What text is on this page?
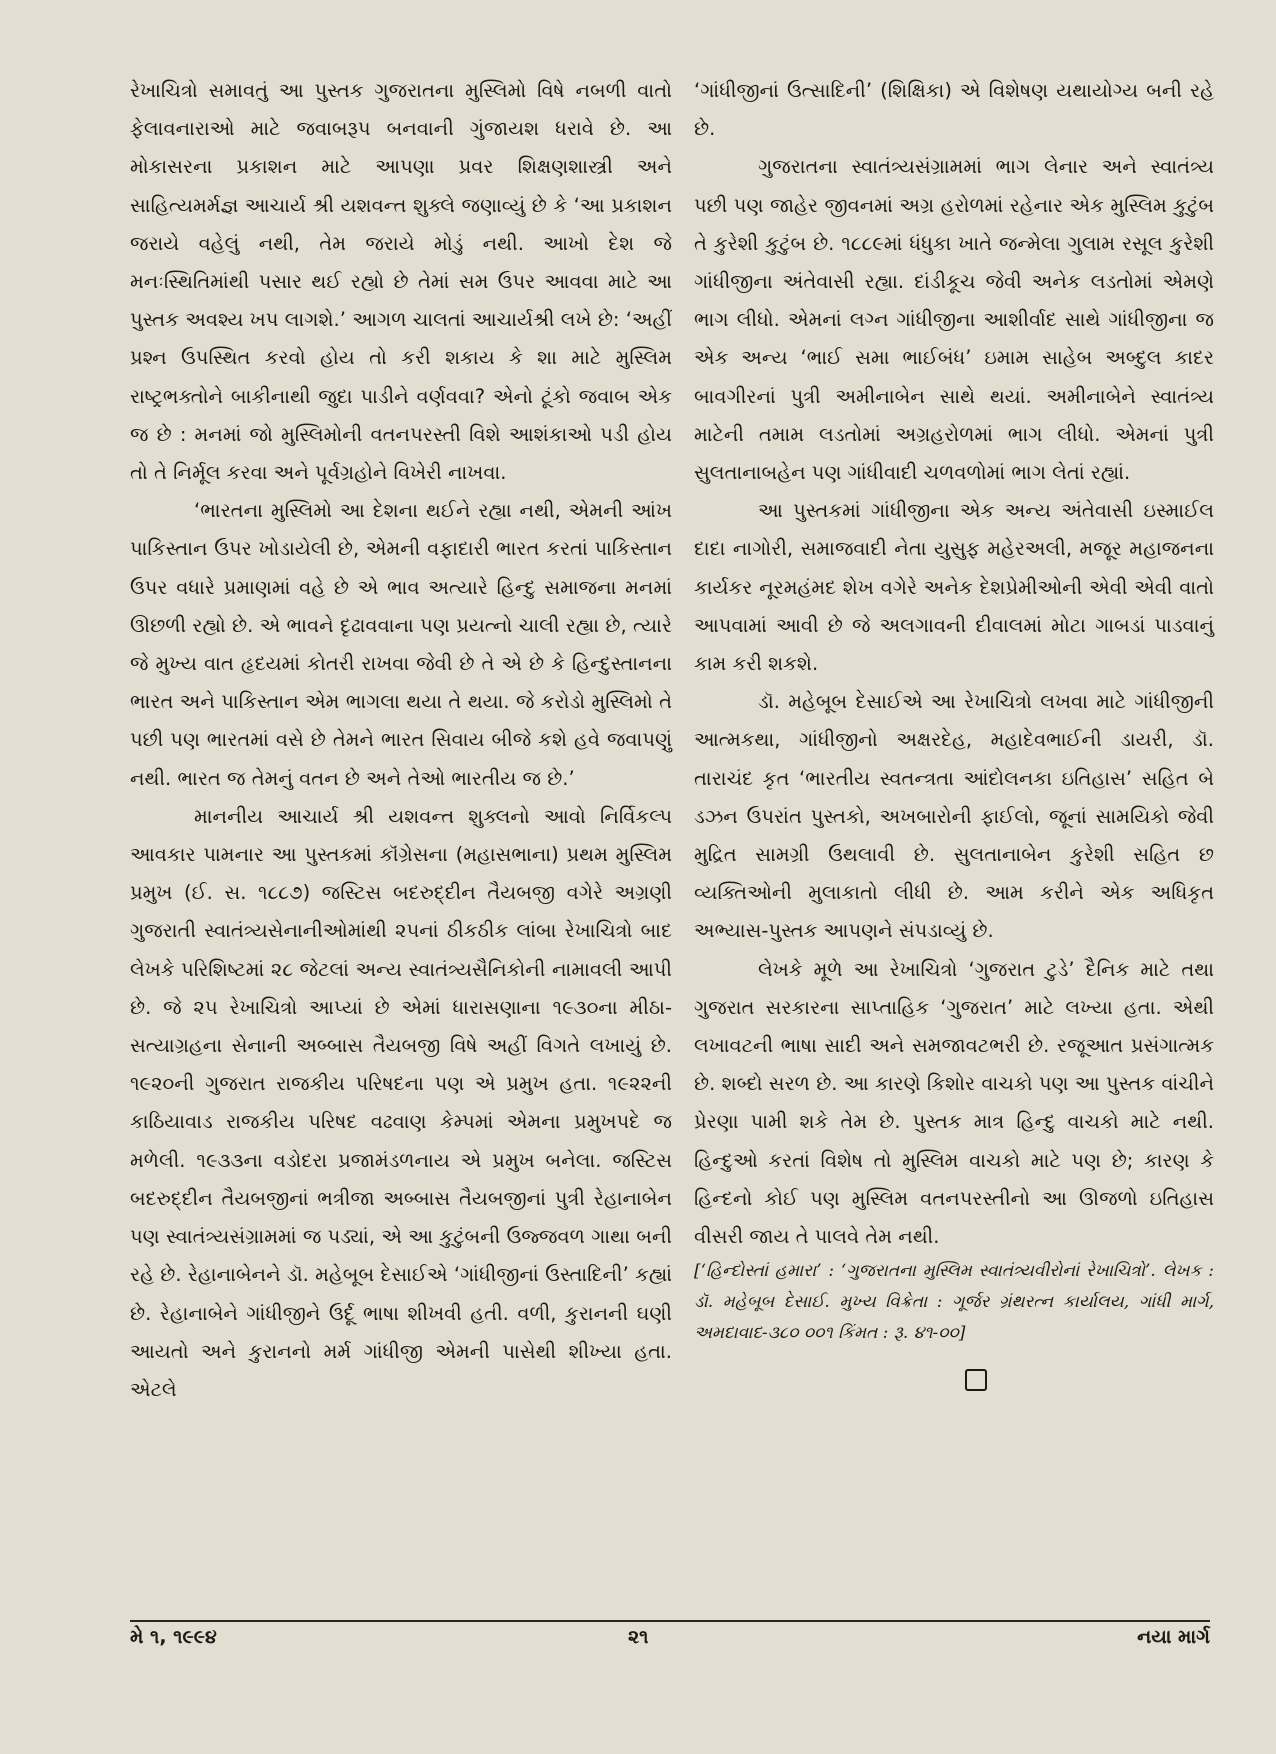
રેખાચિત્રો સમાવતું આ પુસ્તક ગુજરાતના મુસ્લિમો વિષે નબળી વાતો ફેલાવનારાઓ માટે જવાબરૂપ બનવાની ગુંજાયશ ધરાવે છે. આ મોકાસરના પ્રકાશન માટે આપણા પ્રવર શિક્ષણશાસ્ત્રી અને સાહિત્યમર્મજ્ઞ આચાર્ય શ્રી યશવન્ત શુક્લે જણાવ્યું છે કે ‘આ પ્રકાશન જરાયે વહેલું નથી, તેમ જરાયે મોડું નથી. આખો દેશ જે મનઃસ્થિતિમાંથી પસાર થઈ રહ્યો છે તેમાં સમ ઉપર આવવા માટે આ પુસ્તક અવશ્ય ખપ લાગશે.’ આગળ ચાલતાં આચાર્યશ્રી લખે છે: ‘અહીં પ્રશ્ન ઉપસ્થિત કરવો હોય તો કરી શકાય કે શા માટે મુસ્લિમ રાષ્ટ્રભક્તોને બાકીનાથી જુદા પાડીને વર્ણવવા? એનો ટૂંકો જવાબ એક જ છે : મનમાં જો મુસ્લિમોની વતનપરસ્તી વિશે આશંકાઓ પડી હોય તો તે નિર્મૂલ કરવા અને પૂર્વગ્રહોને વિખેરી નાખવા.

‘ભારતના મુસ્લિમો આ દેશના થઈને રહ્યા નથી, એમની આંખ પાકિસ્તાન ઉપર ખોડાયેલી છે, એમની વફાદારી ભારત કરતાં પાકિસ્તાન ઉપર વધારે પ્રમાણમાં વહે છે એ ભાવ અત્યારે હિન્દુ સમાજના મનમાં ઊછળી રહ્યો છે. એ ભાવને દૃઢાવવાના પણ પ્રયત્નો ચાલી રહ્યા છે, ત્યારે જે મુખ્ય વાત હૃદયમાં કોતરી રાખવા જેવી છે તે એ છે કે હિન્દુસ્તાનના ભારત અને પાકિસ્તાન એમ ભાગલા થયા તે થયા. જે કરોડો મુસ્લિમો તે પછી પણ ભારતમાં વસે છે તેમને ભારત સિવાય બીજે કશે હવે જવાપણું નથી. ભારત જ તેમનું વતન છે અને તેઓ ભારતીય જ છે.’

માનનીય આચાર્ય શ્રી યશવન્ત શુક્લનો આવો નિર્વિકલ્પ આવકાર પામનાર આ પુસ્તકમાં કૉંગ્રેસના (મહાસભાના) પ્રથમ મુસ્લિમ પ્રમુખ (ઈ. સ. ૧૮૮૭) જસ્ટિસ બદરુદ્દીન તૈયબજી વગેરે અગ્રણી ગુજરાતી સ્વાતંત્ર્યસેનાનીઓમાંથી ૨૫નાં ઠીકઠીક લાંબા રેખાચિત્રો બાદ લેખકે પરિશિષ્ટમાં ૨૮ જેટલાં અન્ય સ્વાતંત્ર્યસૈનિકોની નામાવલી આપી છે. જે ૨૫ રેખાચિત્રો આપ્યાં છે એમાં ધારાસણાના ૧૯૩૦ના મીઠા-સત્યાગ્રહના સેનાની અબ્બાસ તૈયબજી વિષે અહીં વિગતે લખાયું છે. ૧૯૨૦ની ગુજરાત રાજકીય પરિષદના પણ એ પ્રમુખ હતા. ૧૯૨૨ની કાઠિયાવાડ રાજકીય પરિષદ વઢવાણ કેમ્પમાં એમના પ્રમુખપદે જ મળેલી. ૧૯૩૩ના વડોદરા પ્રજામંડળનાય એ પ્રમુખ બનેલા. જસ્ટિસ બદરુદ્દીન તૈયબજીનાં ભત્રીજા અબ્બાસ તૈયબજીનાં પુત્રી રેહાનાબેન પણ સ્વાતંત્ર્યસંગ્રામમાં જ પડ્યાં, એ આ કુટુંબની ઉજ્જવળ ગાથા બની રહે છે. રેહાનાબેનને ડૉ. મહેબૂબ દેસાઈએ ‘ગાંધીજીનાં ઉસ્તાદિની’ કહ્યાં છે. રેહાનાબેને ગાંધીજીને ઉર્દૂ ભાષા શીખવી હતી. વળી, કુરાનની ઘણી આયતો અને કુરાનનો મર્મ ગાંધીજી એમની પાસેથી શીખ્યા હતા. એટલે

‘ગાંધીજીનાં ઉત્સાદિની’ (શિક્ષિકા) એ વિશેષણ યથાયોગ્ય બની રહે છે.

ગુજરાતના સ્વાતંત્ર્યસંગ્રામમાં ભાગ લેનાર અને સ્વાતંત્ર્ય પછી પણ જાહેર જીવનમાં અગ્ર હરોળમાં રહેનાર એક મુસ્લિમ કુટુંબ તે કુરેશી કુટુંબ છે. ૧૮૮૯માં ધંધુકા ખાતે જન્મેલા ગુલામ રસૂલ કુરેશી ગાંધીજીના અંતેવાસી રહ્યા. દાંડીકૂચ જેવી અનેક લડતોમાં એમણે ભાગ લીધો. એમનાં લગ્ન ગાંધીજીના આશીર્વાદ સાથે ગાંધીજીના જ એક અન્ય ‘ભાઈ સમા ભાઈબંધ’ ઇમામ સાહેબ અબ્દુલ કાદર બાવગીરનાં પુત્રી અમીનાબેન સાથે થયાં. અમીનાબેને સ્વાતંત્ર્ય માટેની તમામ લડતોમાં અગ્રહરોળમાં ભાગ લીધો. એમનાં પુત્રી સુલતાનાબહેન પણ ગાંધીવાદી ચળવળોમાં ભાગ લેતાં રહ્યાં.

આ પુસ્તકમાં ગાંધીજીના એક અન્ય અંતેવાસી ઇસ્માઈલ દાદા નાગોરી, સમાજવાદી નેતા યુસુફ મહેરઅલી, મજૂર મહાજનના કાર્યકર નૂરમહંમદ શેખ વગેરે અનેક દેશપ્રેમીઓની એવી એવી વાતો આપવામાં આવી છે જે અલગાવની દીવાલમાં મોટા ગાબડાં પાડવાનું કામ કરી શકશે.

ડૉ. મહેબૂબ દેસાઈએ આ રેખાચિત્રો લખવા માટે ગાંધીજીની આત્મકથા, ગાંધીજીનો અક્ષરદેહ, મહાદેવભાઈની ડાયરી, ડૉ. તારાચંદ કૃત ‘ભારતીય સ્વતન્ત્રતા આંદોલનકા ઇતિહાસ’ સહિત બે ડઝન ઉપરાંત પુસ્તકો, અખબારોની ફાઈલો, જૂનાં સામયિકો જેવી મુદ્રિત સામગ્રી ઉથલાવી છે. સુલતાનાબેન કુરેશી સહિત છ વ્યક્તિઓની મુલાકાતો લીધી છે. આમ કરીને એક અધિકૃત અભ્યાસ-પુસ્તક આપણને સંપડાવ્યું છે.

લેખકે મૂળે આ રેખાચિત્રો ‘ગુજરાત ટુડે’ દૈનિક માટે તથા ગુજરાત સરકારના સાપ્તાહિક ‘ગુજરાત’ માટે લખ્યા હતા. એથી લખાવટની ભાષા સાદી અને સમજાવટભરી છે. રજૂઆત પ્રસંગાત્મક છે. શબ્દો સરળ છે. આ કારણે કિશોર વાચકો પણ આ પુસ્તક વાંચીને પ્રેરણા પામી શકે તેમ છે. પુસ્તક માત્ર હિન્દુ વાચકો માટે નથી. હિન્દુઓ કરતાં વિશેષ તો મુસ્લિમ વાચકો માટે પણ છે; કારણ કે હિન્દનો કોઈ પણ મુસ્લિમ વતનપરસ્તીનો આ ઊજળો ઇતિહાસ વીસરી જાય તે પાલવે તેમ નથી.

[‘હિન્દોસ્તાં હમારા’ : ‘ગુજરાતના મુસ્લિમ સ્વાતંત્ર્યવીરોનાં રેખાચિત્રો’. લેખક : ડૉ. મહેબૂબ દેસાઈ. મુખ્ય વિક્રેતા : ગૂર્જર ગ્રંથરત્ન કાર્યાલય, ગાંધી માર્ગ, અમદાવાદ-૩૮૦ ૦૦૧ કિંમત : રૂ. ૪૧-૦૦]

મે ૧, ૧૯૯૪	૨૧	નયા માર્ગ
